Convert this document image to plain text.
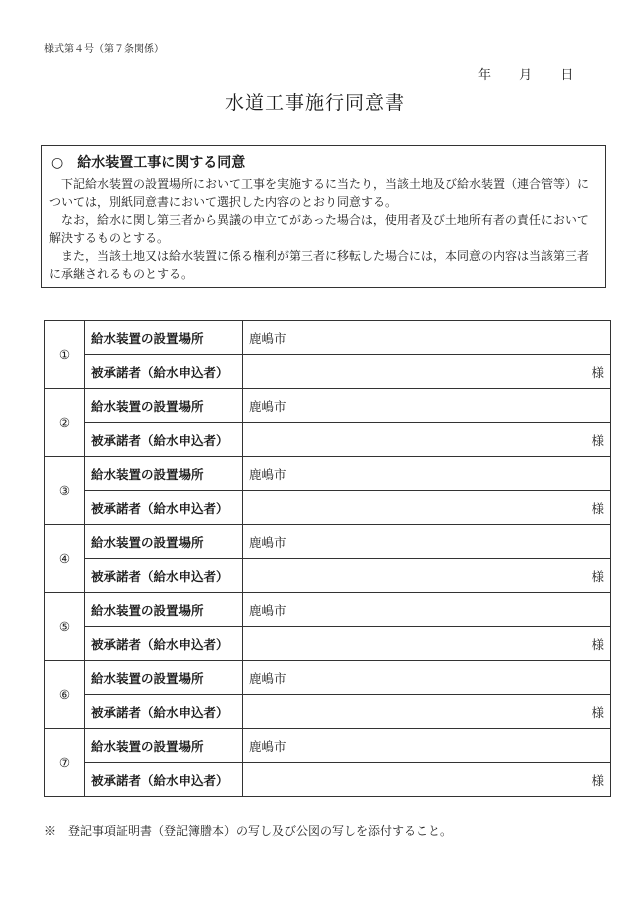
様式第４号（第７条関係）
年 月 日
水道工事施行同意書
○ 給水装置工事に関する同意

下記給水装置の設置場所において工事を実施するに当たり，当該土地及び給水装置（連合管等）については，別紙同意書において選択した内容のとおり同意する。

なお，給水に関し第三者から異議の申立てがあった場合は，使用者及び土地所有者の責任において解決するものとする。

また，当該土地又は給水装置に係る権利が第三者に移転した場合には，本同意の内容は当該第三者に承継されるものとする。

①	給水装置の設置場所	鹿嶋市
	被承諾者（給水申込者）	様
②	給水装置の設置場所	鹿嶋市
	被承諾者（給水申込者）	様
③	給水装置の設置場所	鹿嶋市
	被承諾者（給水申込者）	様
④	給水装置の設置場所	鹿嶋市
	被承諾者（給水申込者）	様
⑤	給水装置の設置場所	鹿嶋市
	被承諾者（給水申込者）	様
⑥	給水装置の設置場所	鹿嶋市
	被承諾者（給水申込者）	様
⑦	給水装置の設置場所	鹿嶋市
	被承諾者（給水申込者）	様
※　登記事項証明書（登記簿謄本）の写し及び公図の写しを添付すること。
